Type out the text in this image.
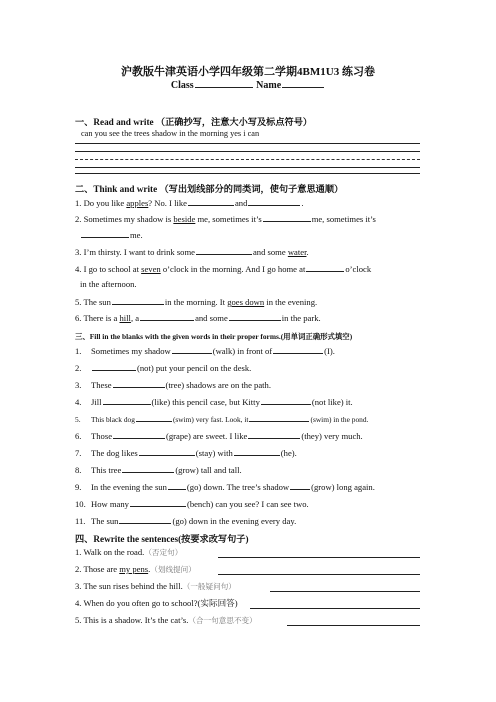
沪教版牛津英语小学四年级第二学期4BM1U3 练习卷
Class	Name
一、Read and write （正确抄写，注意大小写及标点符号）
can you see the trees shadow in the morning yes i can
二、Think and write （写出划线部分的同类词，使句子意思通顺）
1. Do you like apples? No. I like	and	.
2. Sometimes my shadow is beside me, sometimes it’s	me, sometimes it’s
me.
3. I’m thirsty. I want to drink some	and some water.
4. I go to school at seven o’clock in the morning. And I go home at	o’clock
in the afternoon.
5. The sun	in the morning. It goes down in the evening.
6. There is a hill, a	and some	in the park.
三、Fill in the blanks with the given words in their proper forms.(用单词正确形式填空)
1. Sometimes my shadow	(walk) in front of	(I).
2.	(not) put your pencil on the desk.
3. These	(tree) shadows are on the path.
4. Jill	(like) this pencil case, but Kitty	(not like) it.
5. This black dog	(swim) very fast. Look, it	(swim) in the pond.
6. Those	(grape) are sweet. I like	(they) very much.
7. The dog likes	(stay) with	(he).
8. This tree	(grow) tall and tall.
9. In the evening the sun (go) down. The tree’s shadow	(grow) long again.
10. How many	(bench) can you see? I can see two.
11. The sun	(go) down in the evening every day.
四、Rewrite the sentences(按要求改写句子)
1. Walk on the road.（否定句）
2. Those are my pens.（划线提问）
3. The sun rises behind the hill.（一般疑问句）
4. When do you often go to school?(实际回答)
5. This is a shadow. It’s the cat’s.（合一句意思不变）
